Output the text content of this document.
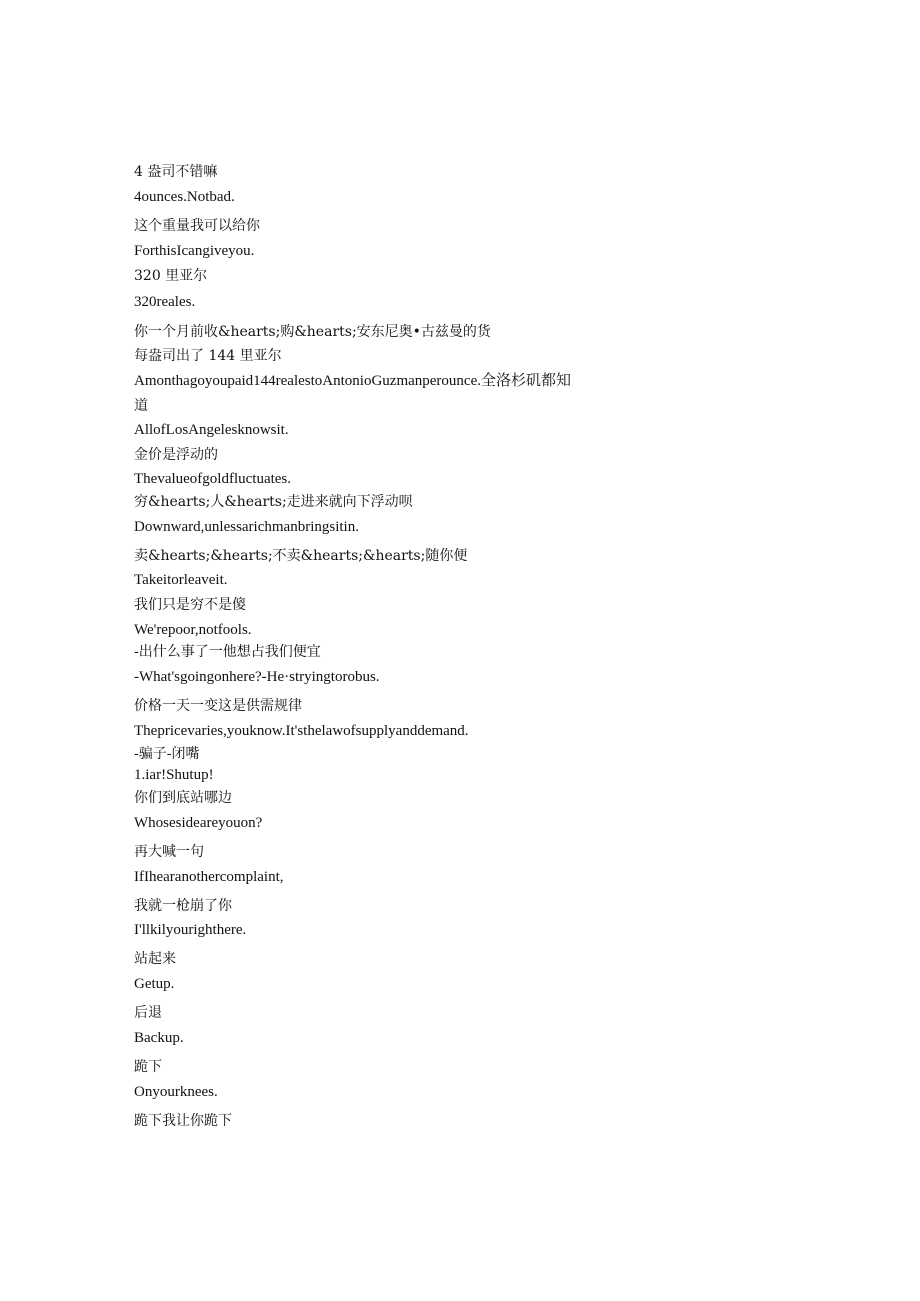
4 盎司不错嘛
4ounces.Notbad.
这个重量我可以给你
ForthisIcangiveyou.
320 里亚尔
320reales.
你一个月前收&hearts;购&hearts;安东尼奥•古兹曼的货
每盎司出了 144 里亚尔
Amonthagoyoupaid144realestoAntonioGuzmanperounce.全洛杉矶都知
道
AllofLosAngelesknowsit.
金价是浮动的
Thevalueofgoldfluctuates.
穷&hearts;人&hearts;走进来就向下浮动呗
Downward,unlessarichmanbringsitin.
卖&hearts;&hearts;不卖&hearts;&hearts;随你便
Takeitorleaveit.
我们只是穷不是傻
We'repoor,notfools.
-出什么事了一他想占我们便宜
-What'sgoingonhere?-He·stryingtorobus.
价格一天一变这是供需规律
Thepricevaries,youknow.It'sthelawofsupplyanddemand.
-骗子-闭嘴
1.iar!Shutup!
你们到底站哪边
Whosesideareyouon?
再大喊一句
IfIhearanothercomplaint,
我就一枪崩了你
I'llkilyourighthere.
站起来
Getup.
后退
Backup.
跪下
Onyourknees.
跪下我让你跪下
